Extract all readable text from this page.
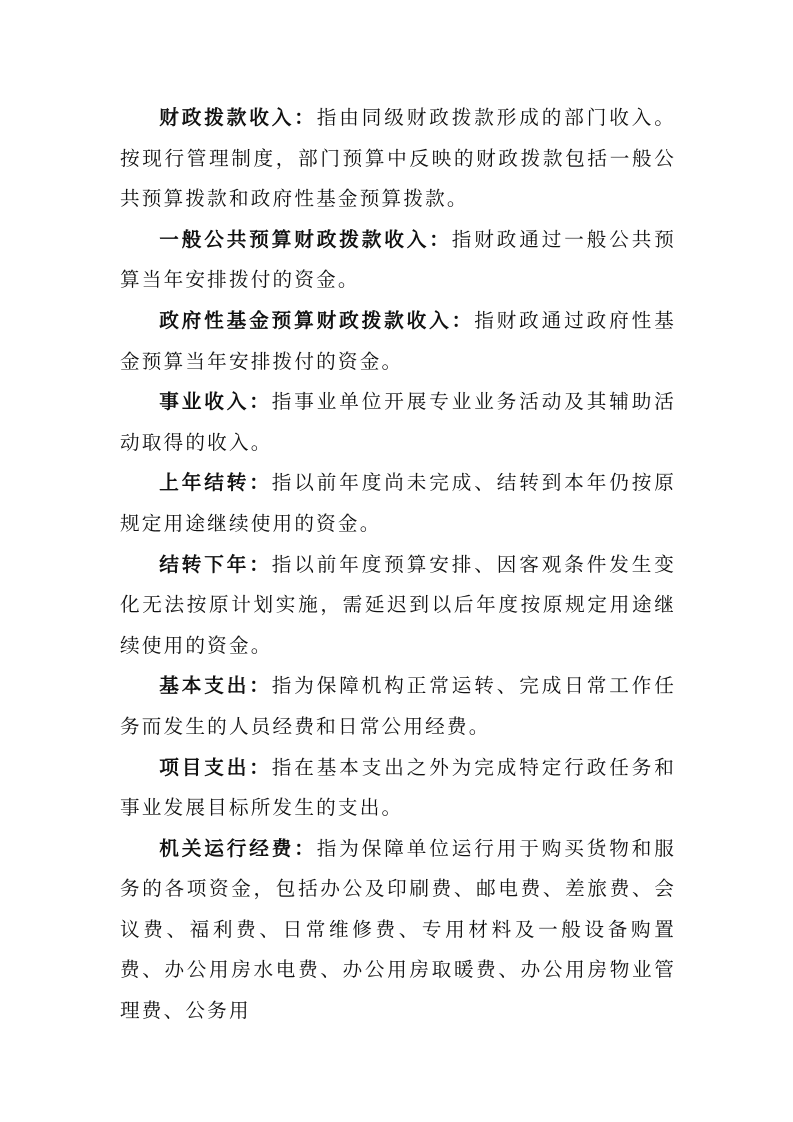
财政拨款收入：指由同级财政拨款形成的部门收入。按现行管理制度，部门预算中反映的财政拨款包括一般公共预算拨款和政府性基金预算拨款。

一般公共预算财政拨款收入：指财政通过一般公共预算当年安排拨付的资金。

政府性基金预算财政拨款收入：指财政通过政府性基金预算当年安排拨付的资金。

事业收入：指事业单位开展专业业务活动及其辅助活动取得的收入。

上年结转：指以前年度尚未完成、结转到本年仍按原规定用途继续使用的资金。

结转下年：指以前年度预算安排、因客观条件发生变化无法按原计划实施，需延迟到以后年度按原规定用途继续使用的资金。

基本支出：指为保障机构正常运转、完成日常工作任务而发生的人员经费和日常公用经费。

项目支出：指在基本支出之外为完成特定行政任务和事业发展目标所发生的支出。

机关运行经费：指为保障单位运行用于购买货物和服务的各项资金，包括办公及印刷费、邮电费、差旅费、会议费、福利费、日常维修费、专用材料及一般设备购置费、办公用房水电费、办公用房取暖费、办公用房物业管理费、公务用
